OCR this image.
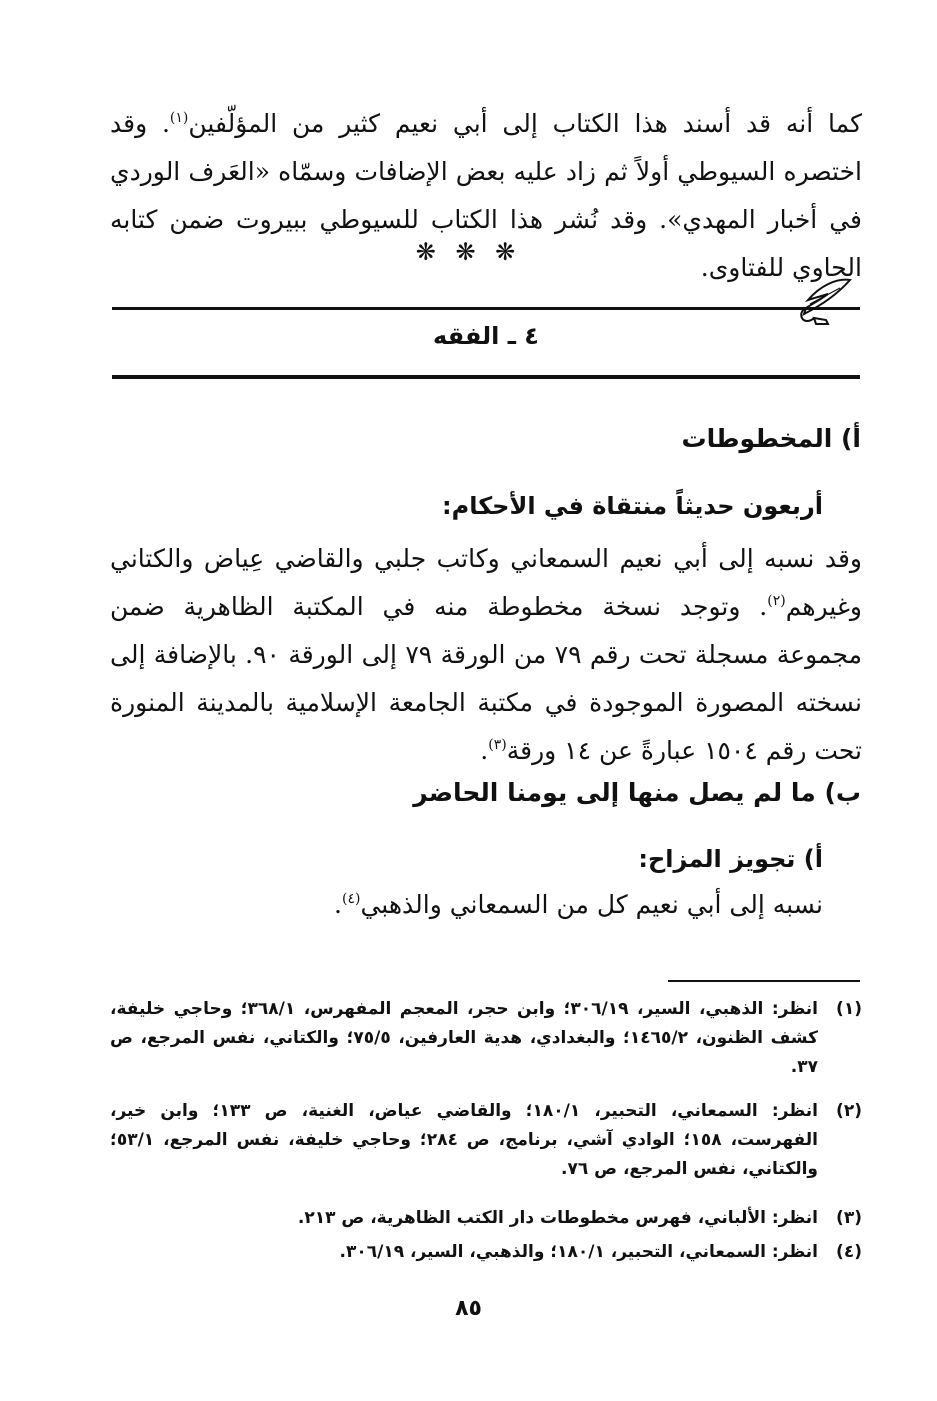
كما أنه قد أسند هذا الكتاب إلى أبي نعيم كثير من المؤلّفين$^{(١)}$. وقد اختصره السيوطي أولاً ثم زاد عليه بعض الإضافات وسمّاه «العَرف الوردي في أخبار المهدي». وقد نُشر هذا الكتاب للسيوطي ببيروت ضمن كتابه الحاوي للفتاوى.
❋ ❋ ❋
٤ ـ الفقه
أ) المخطوطات
أربعون حديثاً منتقاة في الأحكام:
وقد نسبه إلى أبي نعيم السمعاني وكاتب جلبي والقاضي عِياض والكتاني وغيرهم$^{(٢)}$. وتوجد نسخة مخطوطة منه في المكتبة الظاهرية ضمن مجموعة مسجلة تحت رقم ٧٩ من الورقة ٧٩ إلى الورقة ٩٠. بالإضافة إلى نسخته المصورة الموجودة في مكتبة الجامعة الإسلامية بالمدينة المنورة تحت رقم ١٥٠٤ عبارةً عن ١٤ ورقة$^{(٣)}$.
ب) ما لم يصل منها إلى يومنا الحاضر
أ) تجويز المزاح:
نسبه إلى أبي نعيم كل من السمعاني والذهبي$^{(٤)}$.
(١)
انظر: الذهبي، السير، ٣٠٦/١٩؛ وابن حجر، المعجم المفهرس، ٣٦٨/١؛ وحاجي خليفة، كشف الظنون، ١٤٦٥/٢؛ والبغدادي، هدية العارفين، ٧٥/٥؛ والكتاني، نفس المرجع، ص ٣٧.
(٢)
انظر: السمعاني، التحبير، ١٨٠/١؛ والقاضي عياض، الغنية، ص ١٣٣؛ وابن خير، الفهرست، ١٥٨؛ الوادي آشي، برنامج، ص ٢٨٤؛ وحاجي خليفة، نفس المرجع، ٥٣/١؛ والكتاني، نفس المرجع، ص ٧٦.
(٣)
انظر: الألباني، فهرس مخطوطات دار الكتب الظاهرية، ص ٢١٣.
(٤)
انظر: السمعاني، التحبير، ١٨٠/١؛ والذهبي، السير، ٣٠٦/١٩.
٨٥
